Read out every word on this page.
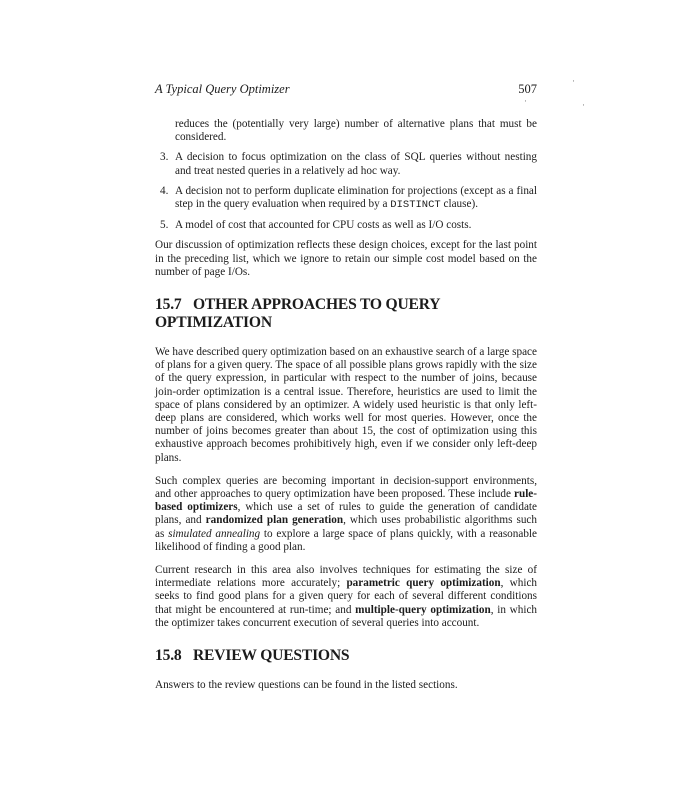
A Typical Query Optimizer	507
·
·	·

reduces the (potentially very large) number of alternative plans that must be considered.

3. A decision to focus optimization on the class of SQL queries without nesting and treat nested queries in a relatively ad hoc way.
4. A decision not to perform duplicate elimination for projections (except as a final step in the query evaluation when required by a DISTINCT clause).
5. A model of cost that accounted for CPU costs as well as I/O costs.

Our discussion of optimization reflects these design choices, except for the last point in the preceding list, which we ignore to retain our simple cost model based on the number of page I/Os.

15.7 OTHER APPROACHES TO QUERY OPTIMIZATION

We have described query optimization based on an exhaustive search of a large space of plans for a given query. The space of all possible plans grows rapidly with the size of the query expression, in particular with respect to the number of joins, because join-order optimization is a central issue. Therefore, heuristics are used to limit the space of plans considered by an optimizer. A widely used heuristic is that only left-deep plans are considered, which works well for most queries. However, once the number of joins becomes greater than about 15, the cost of optimization using this exhaustive approach becomes prohibitively high, even if we consider only left-deep plans.

Such complex queries are becoming important in decision-support environments, and other approaches to query optimization have been proposed. These include rule-based optimizers, which use a set of rules to guide the generation of candidate plans, and randomized plan generation, which uses probabilistic algorithms such as simulated annealing to explore a large space of plans quickly, with a reasonable likelihood of finding a good plan.

Current research in this area also involves techniques for estimating the size of intermediate relations more accurately; parametric query optimization, which seeks to find good plans for a given query for each of several different conditions that might be encountered at run-time; and multiple-query optimization, in which the optimizer takes concurrent execution of several queries into account.

15.8 REVIEW QUESTIONS

Answers to the review questions can be found in the listed sections.
